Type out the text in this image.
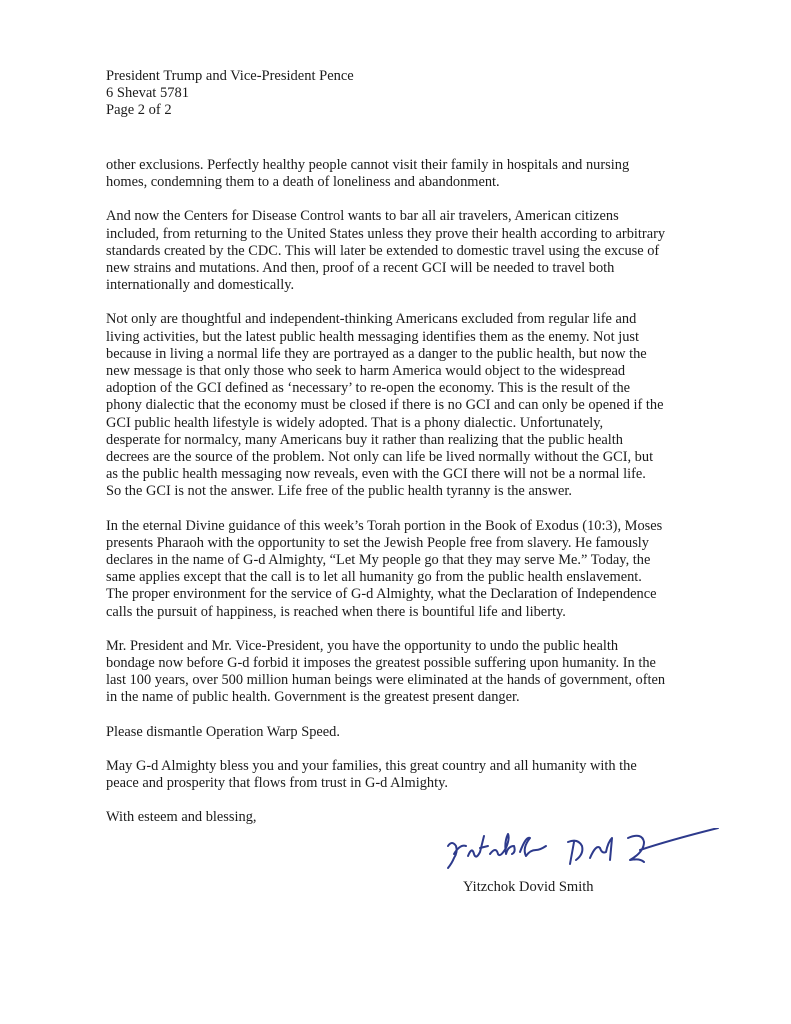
President Trump and Vice-President Pence
6 Shevat 5781
Page 2 of 2
other exclusions. Perfectly healthy people cannot visit their family in hospitals and nursing
homes, condemning them to a death of loneliness and abandonment.
And now the Centers for Disease Control wants to bar all air travelers, American citizens
included, from returning to the United States unless they prove their health according to arbitrary
standards created by the CDC. This will later be extended to domestic travel using the excuse of
new strains and mutations. And then, proof of a recent GCI will be needed to travel both
internationally and domestically.
Not only are thoughtful and independent-thinking Americans excluded from regular life and
living activities, but the latest public health messaging identifies them as the enemy. Not just
because in living a normal life they are portrayed as a danger to the public health, but now the
new message is that only those who seek to harm America would object to the widespread
adoption of the GCI defined as ‘necessary’ to re-open the economy. This is the result of the
phony dialectic that the economy must be closed if there is no GCI and can only be opened if the
GCI public health lifestyle is widely adopted. That is a phony dialectic. Unfortunately,
desperate for normalcy, many Americans buy it rather than realizing that the public health
decrees are the source of the problem. Not only can life be lived normally without the GCI, but
as the public health messaging now reveals, even with the GCI there will not be a normal life.
So the GCI is not the answer. Life free of the public health tyranny is the answer.
In the eternal Divine guidance of this week’s Torah portion in the Book of Exodus (10:3), Moses
presents Pharaoh with the opportunity to set the Jewish People free from slavery. He famously
declares in the name of G-d Almighty, “Let My people go that they may serve Me.” Today, the
same applies except that the call is to let all humanity go from the public health enslavement.
The proper environment for the service of G-d Almighty, what the Declaration of Independence
calls the pursuit of happiness, is reached when there is bountiful life and liberty.
Mr. President and Mr. Vice-President, you have the opportunity to undo the public health
bondage now before G-d forbid it imposes the greatest possible suffering upon humanity. In the
last 100 years, over 500 million human beings were eliminated at the hands of government, often
in the name of public health. Government is the greatest present danger.
Please dismantle Operation Warp Speed.
May G-d Almighty bless you and your families, this great country and all humanity with the
peace and prosperity that flows from trust in G-d Almighty.
With esteem and blessing,
Yitzchok Dovid Smith
